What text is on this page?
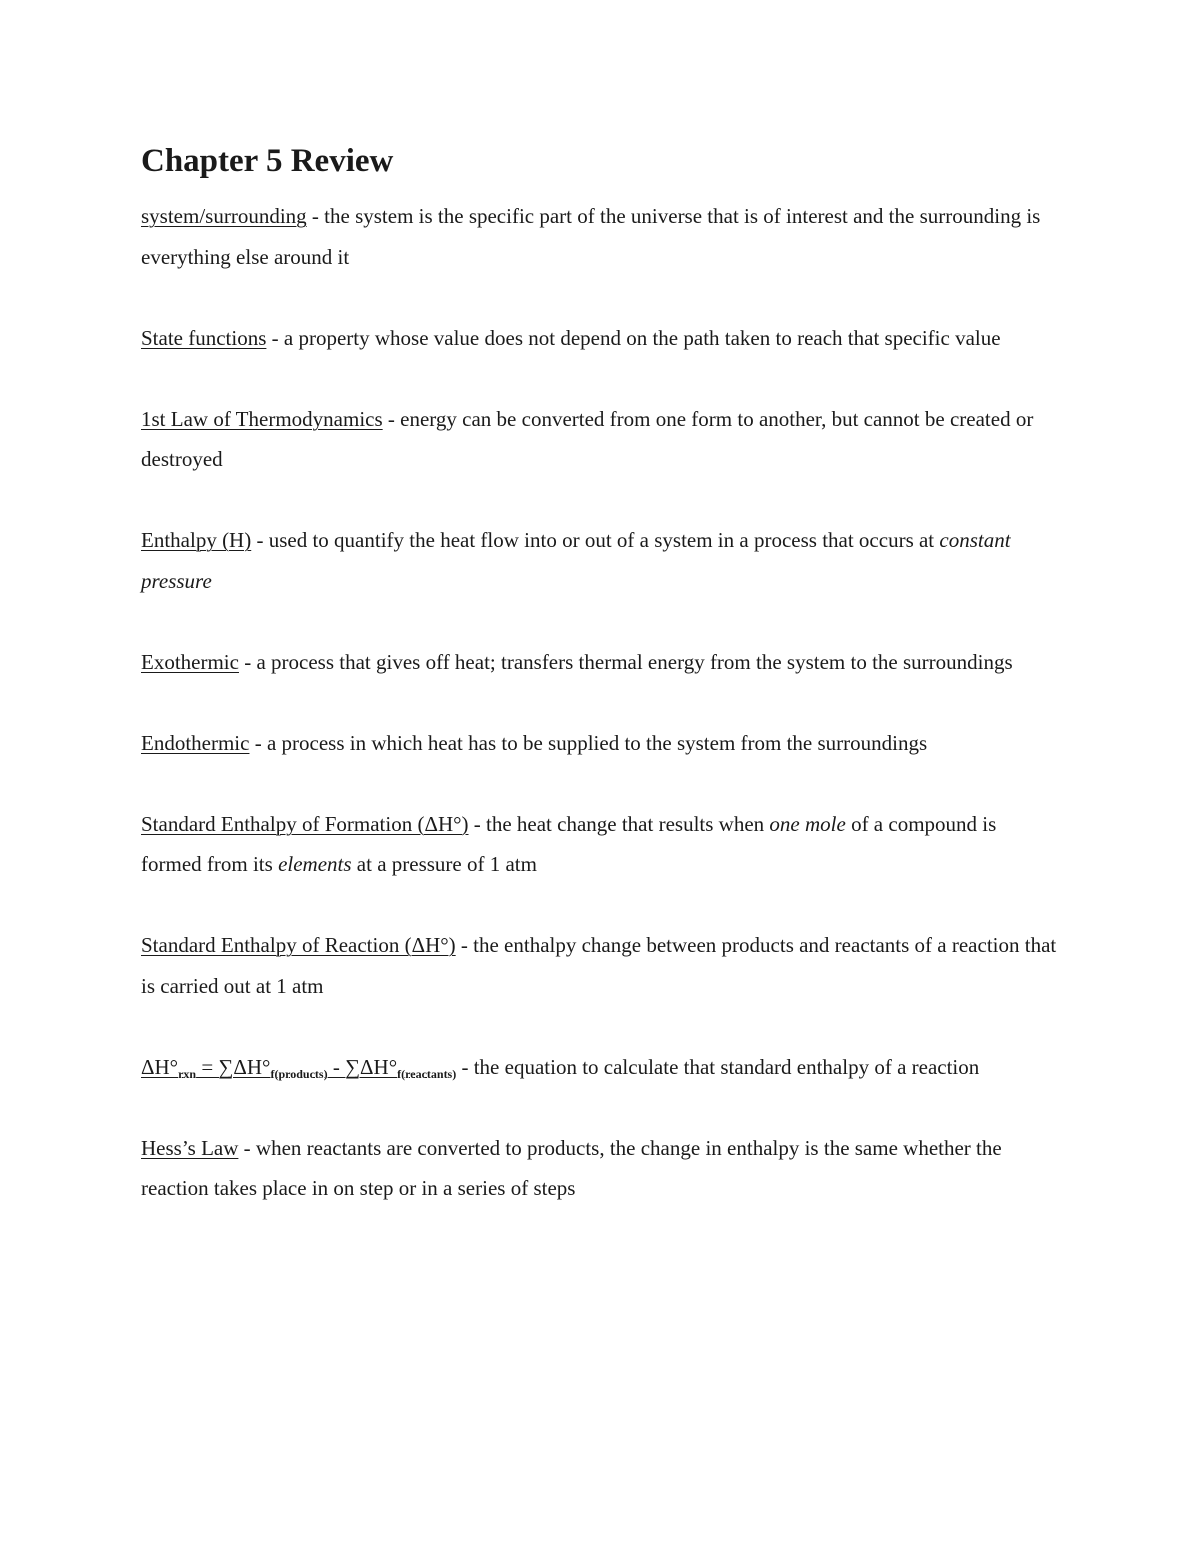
Chapter 5 Review

system/surrounding - the system is the specific part of the universe that is of interest and the surrounding is everything else around it

State functions - a property whose value does not depend on the path taken to reach that specific value

1st Law of Thermodynamics - energy can be converted from one form to another, but cannot be created or destroyed

Enthalpy (H) - used to quantify the heat flow into or out of a system in a process that occurs at constant pressure

Exothermic - a process that gives off heat; transfers thermal energy from the system to the surroundings

Endothermic - a process in which heat has to be supplied to the system from the surroundings

Standard Enthalpy of Formation (ΔH°) - the heat change that results when one mole of a compound is formed from its elements at a pressure of 1 atm

Standard Enthalpy of Reaction (ΔH°) - the enthalpy change between products and reactants of a reaction that is carried out at 1 atm

$\Delta H^\circ_{rxn} = \sum\Delta H^\circ_{f(products)} - \sum\Delta H^\circ_{f(reactants)}$ - the equation to calculate that standard enthalpy of a reaction

Hess’s Law - when reactants are converted to products, the change in enthalpy is the same whether the reaction takes place in on step or in a series of steps
